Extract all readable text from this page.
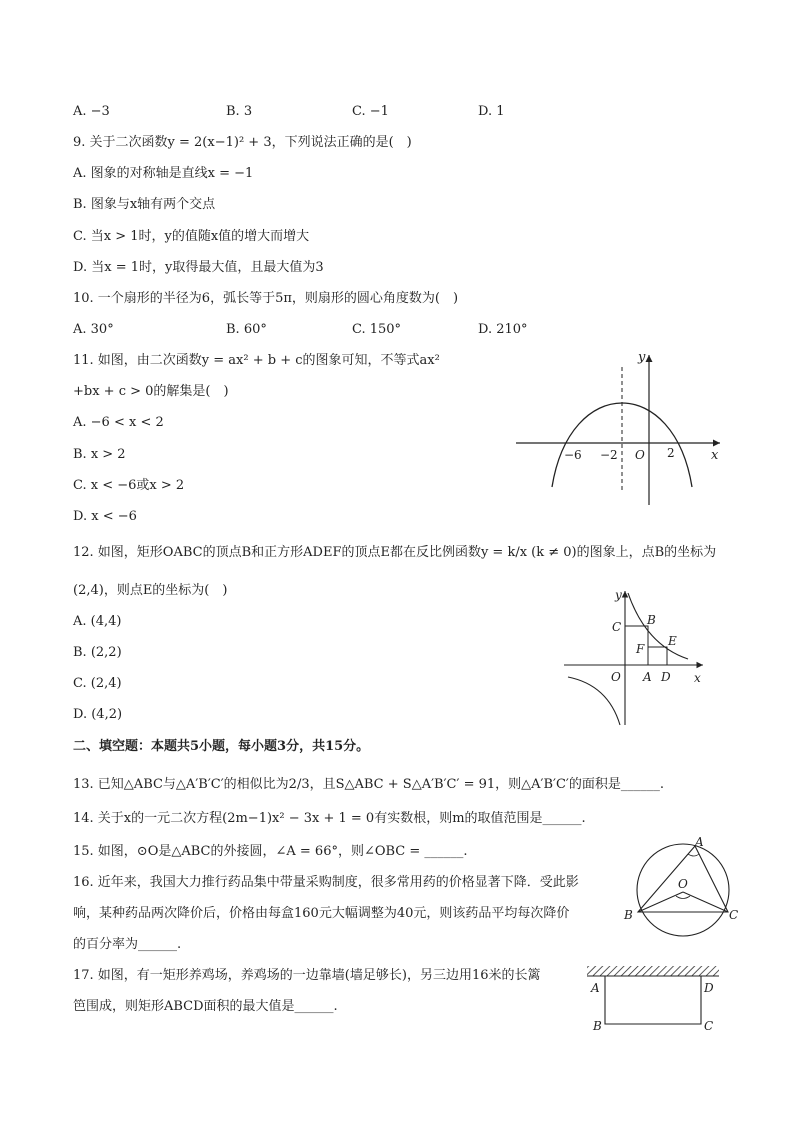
A. −3	B. 3	C. −1	D. 1
9. 关于二次函数y = 2(x−1)² + 3，下列说法正确的是(　)
A. 图象的对称轴是直线x = −1
B. 图象与x轴有两个交点
C. 当x > 1时，y的值随x值的增大而增大
D. 当x = 1时，y取得最大值，且最大值为3
10. 一个扇形的半径为6，弧长等于5π，则扇形的圆心角度数为(　)
A. 30°	B. 60°	C. 150°	D. 210°
11. 如图，由二次函数y = ax² + b + c的图象可知，不等式ax²
+bx + c > 0的解集是(　)
A. −6 < x < 2
B. x > 2
C. x < −6或x > 2
D. x < −6
y
x
−6 −2 O 2
12. 如图，矩形OABC的顶点B和正方形ADEF的顶点E都在反比例函数y = k/x (k ≠ 0)的图象上，点B的坐标为
(2,4)，则点E的坐标为(　)
A. (4,4)
B. (2,2)
C. (2,4)
D. (4,2)
y
x
C B
E
F
O A D
二、填空题：本题共5小题，每小题3分，共15分。
13. 已知△ABC与△A′B′C′的相似比为2/3，且S△ABC + S△A′B′C′ = 91，则△A′B′C′的面积是______.
14. 关于x的一元二次方程(2m−1)x² − 3x + 1 = 0有实数根，则m的取值范围是______.
15. 如图，⊙O是△ABC的外接圆，∠A = 66°，则∠OBC = ______.
A
O
B	C
16. 近年来，我国大力推行药品集中带量采购制度，很多常用药的价格显著下降．受此影
响，某种药品两次降价后，价格由每盒160元大幅调整为40元，则该药品平均每次降价
的百分率为______.
17. 如图，有一矩形养鸡场，养鸡场的一边靠墙(墙足够长)，另三边用16米的长篱
笆围成，则矩形ABCD面积的最大值是______.
A	D
B	C
